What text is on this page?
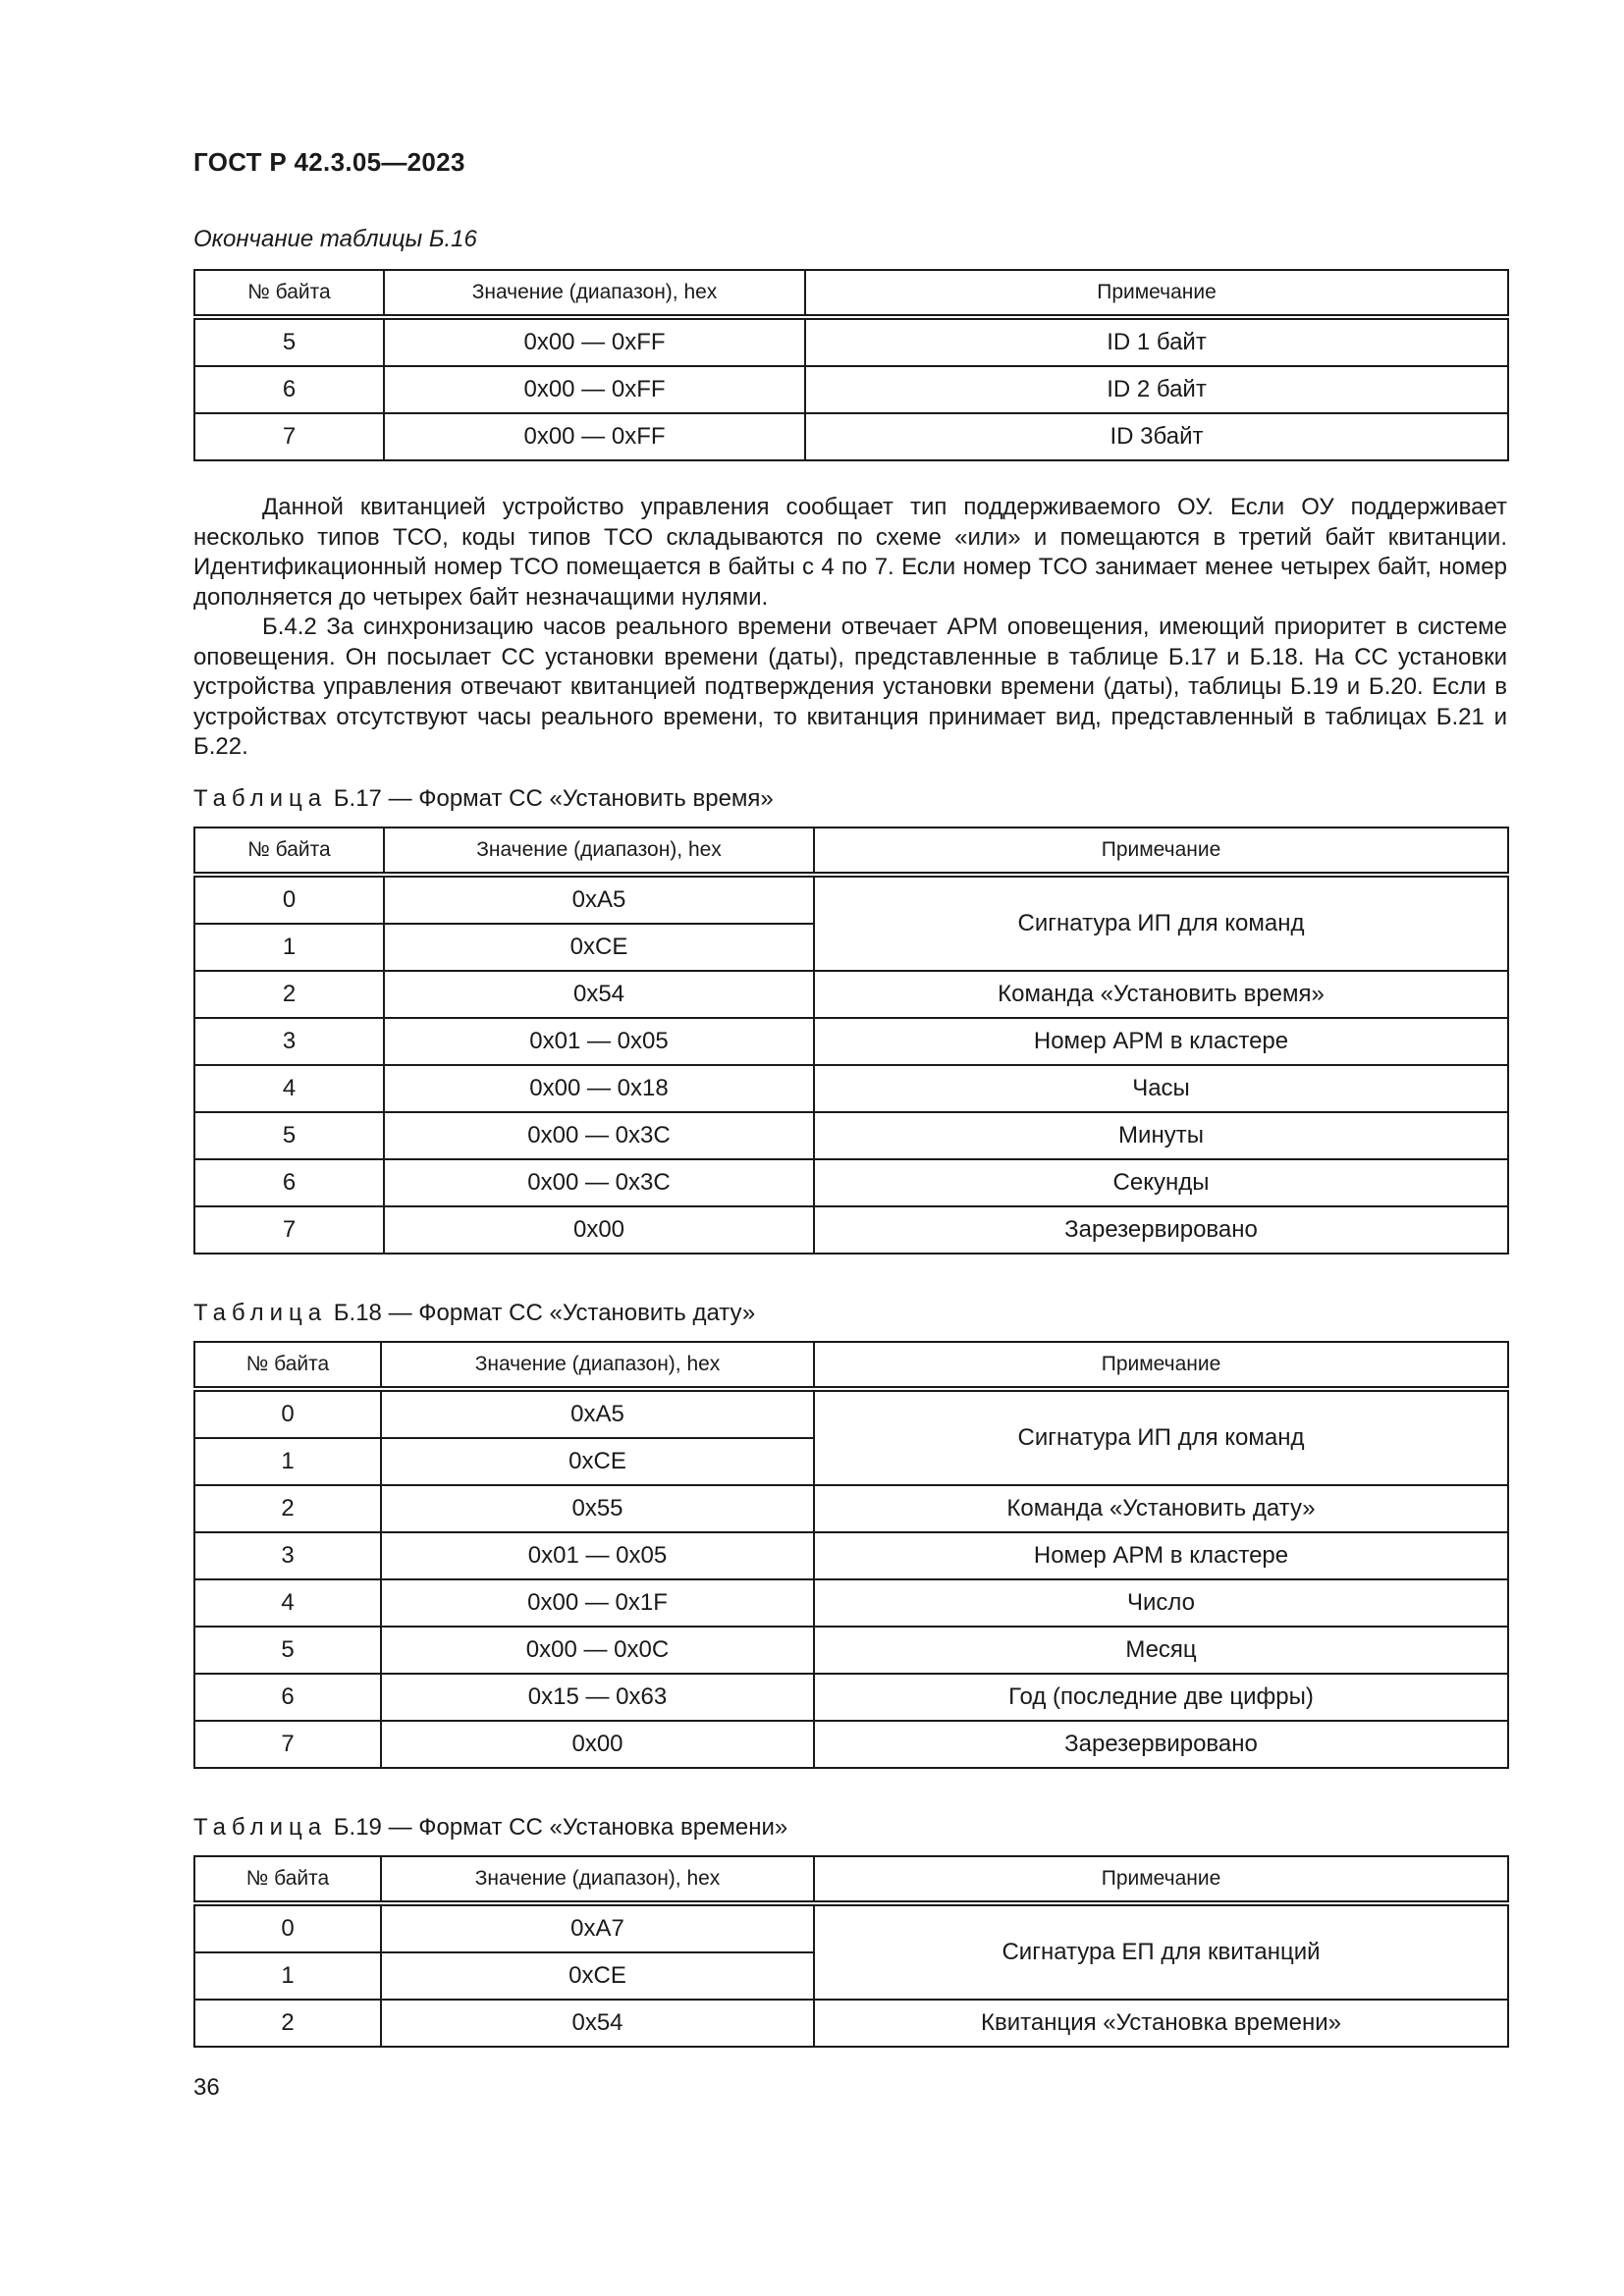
ГОСТ Р 42.3.05—2023
Окончание таблицы Б.16
№ байта	Значение (диапазон), hex	Примечание
5	0x00 — 0xFF	ID 1 байт
6	0x00 — 0xFF	ID 2 байт
7	0x00 — 0xFF	ID 3байт

Данной квитанцией устройство управления сообщает тип поддерживаемого ОУ. Если ОУ поддерживает несколько типов ТСО, коды типов ТСО складываются по схеме «или» и помещаются в третий байт квитанции. Идентификационный номер ТСО помещается в байты с 4 по 7. Если номер ТСО занимает менее четырех байт, номер дополняется до четырех байт незначащими нулями.

Б.4.2 За синхронизацию часов реального времени отвечает АРМ оповещения, имеющий приоритет в системе оповещения. Он посылает СС установки времени (даты), представленные в таблице Б.17 и Б.18. На СС установки устройства управления отвечают квитанцией подтверждения установки времени (даты), таблицы Б.19 и Б.20. Если в устройствах отсутствуют часы реального времени, то квитанция принимает вид, представленный в таблицах Б.21 и Б.22.

Таблица Б.17 — Формат СС «Установить время»
№ байта	Значение (диапазон), hex	Примечание
0	0xA5	Сигнатура ИП для команд
1	0xCE	
2	0x54	Команда «Установить время»
3	0x01 — 0x05	Номер АРМ в кластере
4	0x00 — 0x18	Часы
5	0x00 — 0x3C	Минуты
6	0x00 — 0x3C	Секунды
7	0x00	Зарезервировано
Таблица Б.18 — Формат СС «Установить дату»
№ байта	Значение (диапазон), hex	Примечание
0	0xA5	Сигнатура ИП для команд
1	0xCE	
2	0x55	Команда «Установить дату»
3	0x01 — 0x05	Номер АРМ в кластере
4	0x00 — 0x1F	Число
5	0x00 — 0x0C	Месяц
6	0x15 — 0x63	Год (последние две цифры)
7	0x00	Зарезервировано
Таблица Б.19 — Формат СС «Установка времени»
№ байта	Значение (диапазон), hex	Примечание
0	0xA7	Сигнатура ЕП для квитанций
1	0xCE	
2	0x54	Квитанция «Установка времени»
36
